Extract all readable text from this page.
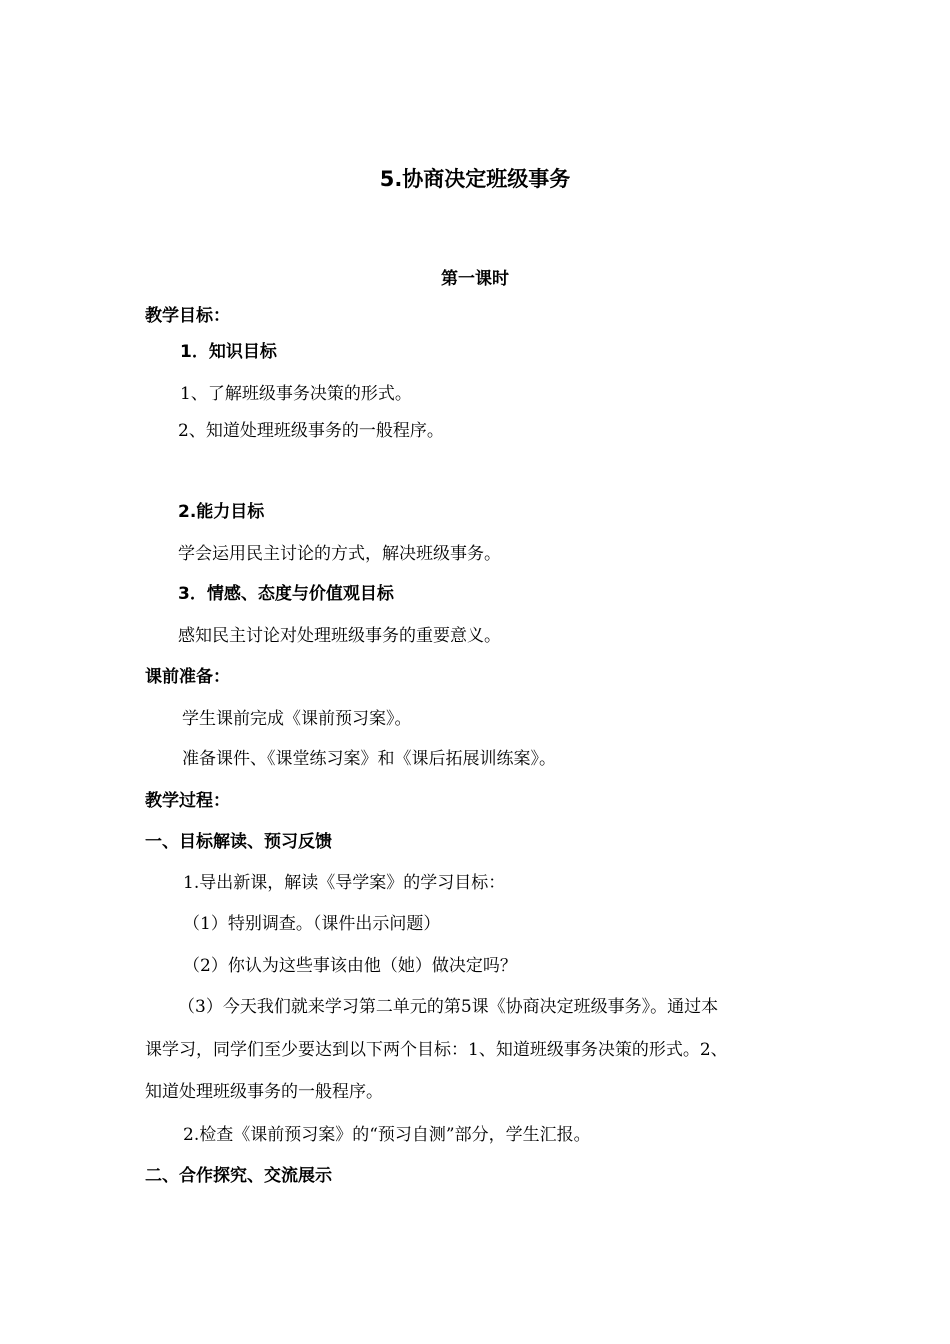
5.协商决定班级事务
第一课时
教学目标：
1．知识目标
1、了解班级事务决策的形式。
2、知道处理班级事务的一般程序。
2.能力目标
学会运用民主讨论的方式，解决班级事务。
3．情感、态度与价值观目标
感知民主讨论对处理班级事务的重要意义。
课前准备：
学生课前完成《课前预习案》。
准备课件、《课堂练习案》和《课后拓展训练案》。
教学过程：
一、目标解读、预习反馈
1.导出新课，解读《导学案》的学习目标：
（1）特别调查。（课件出示问题）
（2）你认为这些事该由他（她）做决定吗？
（3）今天我们就来学习第二单元的第5课《协商决定班级事务》。通过本
课学习，同学们至少要达到以下两个目标：1、知道班级事务决策的形式。2、
知道处理班级事务的一般程序。
2.检查《课前预习案》的“预习自测”部分，学生汇报。
二、合作探究、交流展示
